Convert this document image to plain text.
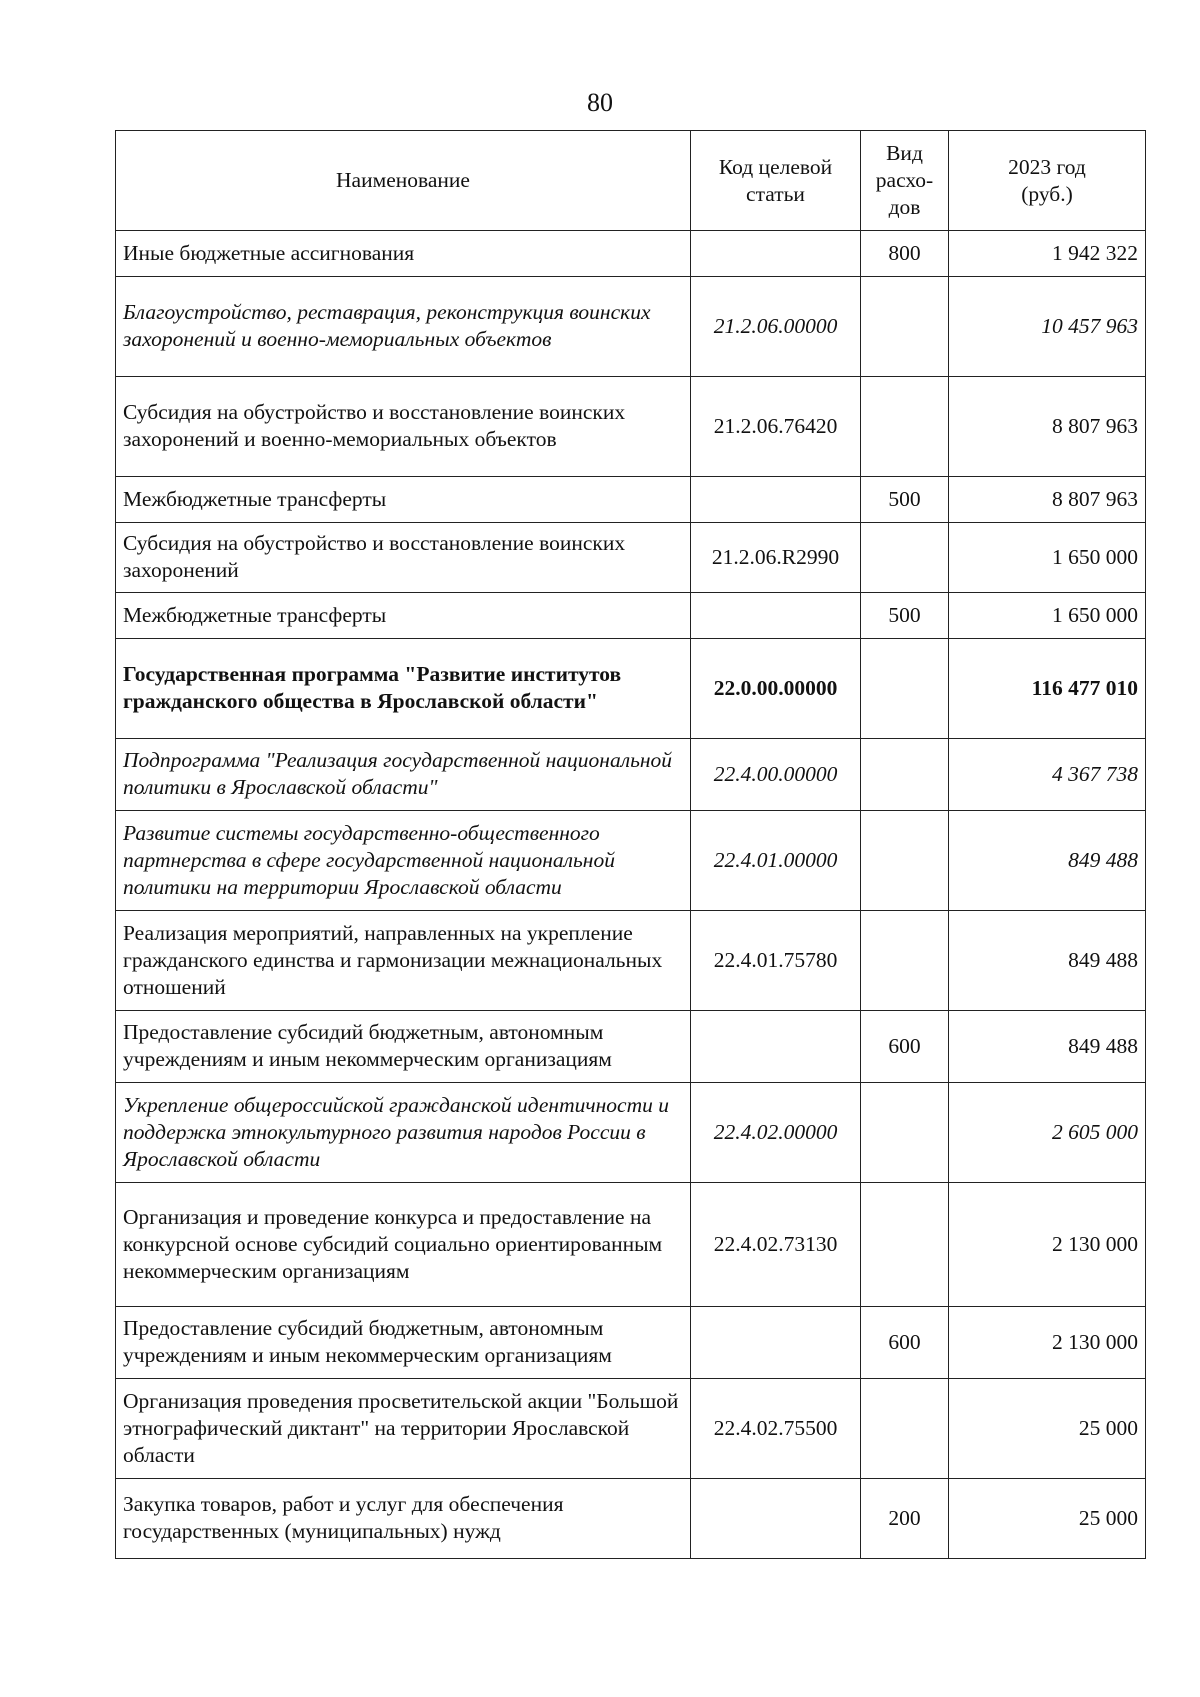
80
Наименование	Код целевой статьи	Вид расхо-дов	2023 год (руб.)
Иные бюджетные ассигнования		800	1 942 322
Благоустройство, реставрация, реконструкция воинских захоронений и военно-мемориальных объектов	21.2.06.00000		10 457 963
Субсидия на обустройство и восстановление воинских захоронений и военно-мемориальных объектов	21.2.06.76420		8 807 963
Межбюджетные трансферты		500	8 807 963
Субсидия на обустройство и восстановление воинских захоронений	21.2.06.R2990		1 650 000
Межбюджетные трансферты		500	1 650 000
Государственная программа "Развитие институтов гражданского общества в Ярославской области"	22.0.00.00000		116 477 010
Подпрограмма "Реализация государственной национальной политики в Ярославской области"	22.4.00.00000		4 367 738
Развитие системы государственно-общественного партнерства в сфере государственной национальной политики на территории Ярославской области	22.4.01.00000		849 488
Реализация мероприятий, направленных на укрепление гражданского единства и гармонизации межнациональных отношений	22.4.01.75780		849 488
Предоставление субсидий бюджетным, автономным учреждениям и иным некоммерческим организациям		600	849 488
Укрепление общероссийской гражданской идентичности и поддержка этнокультурного развития народов России в Ярославской области	22.4.02.00000		2 605 000
Организация и проведение конкурса и предоставление на конкурсной основе субсидий социально ориентированным некоммерческим организациям	22.4.02.73130		2 130 000
Предоставление субсидий бюджетным, автономным учреждениям и иным некоммерческим организациям		600	2 130 000
Организация проведения просветительской акции "Большой этнографический диктант" на территории Ярославской области	22.4.02.75500		25 000
Закупка товаров, работ и услуг для обеспечения государственных (муниципальных) нужд		200	25 000
